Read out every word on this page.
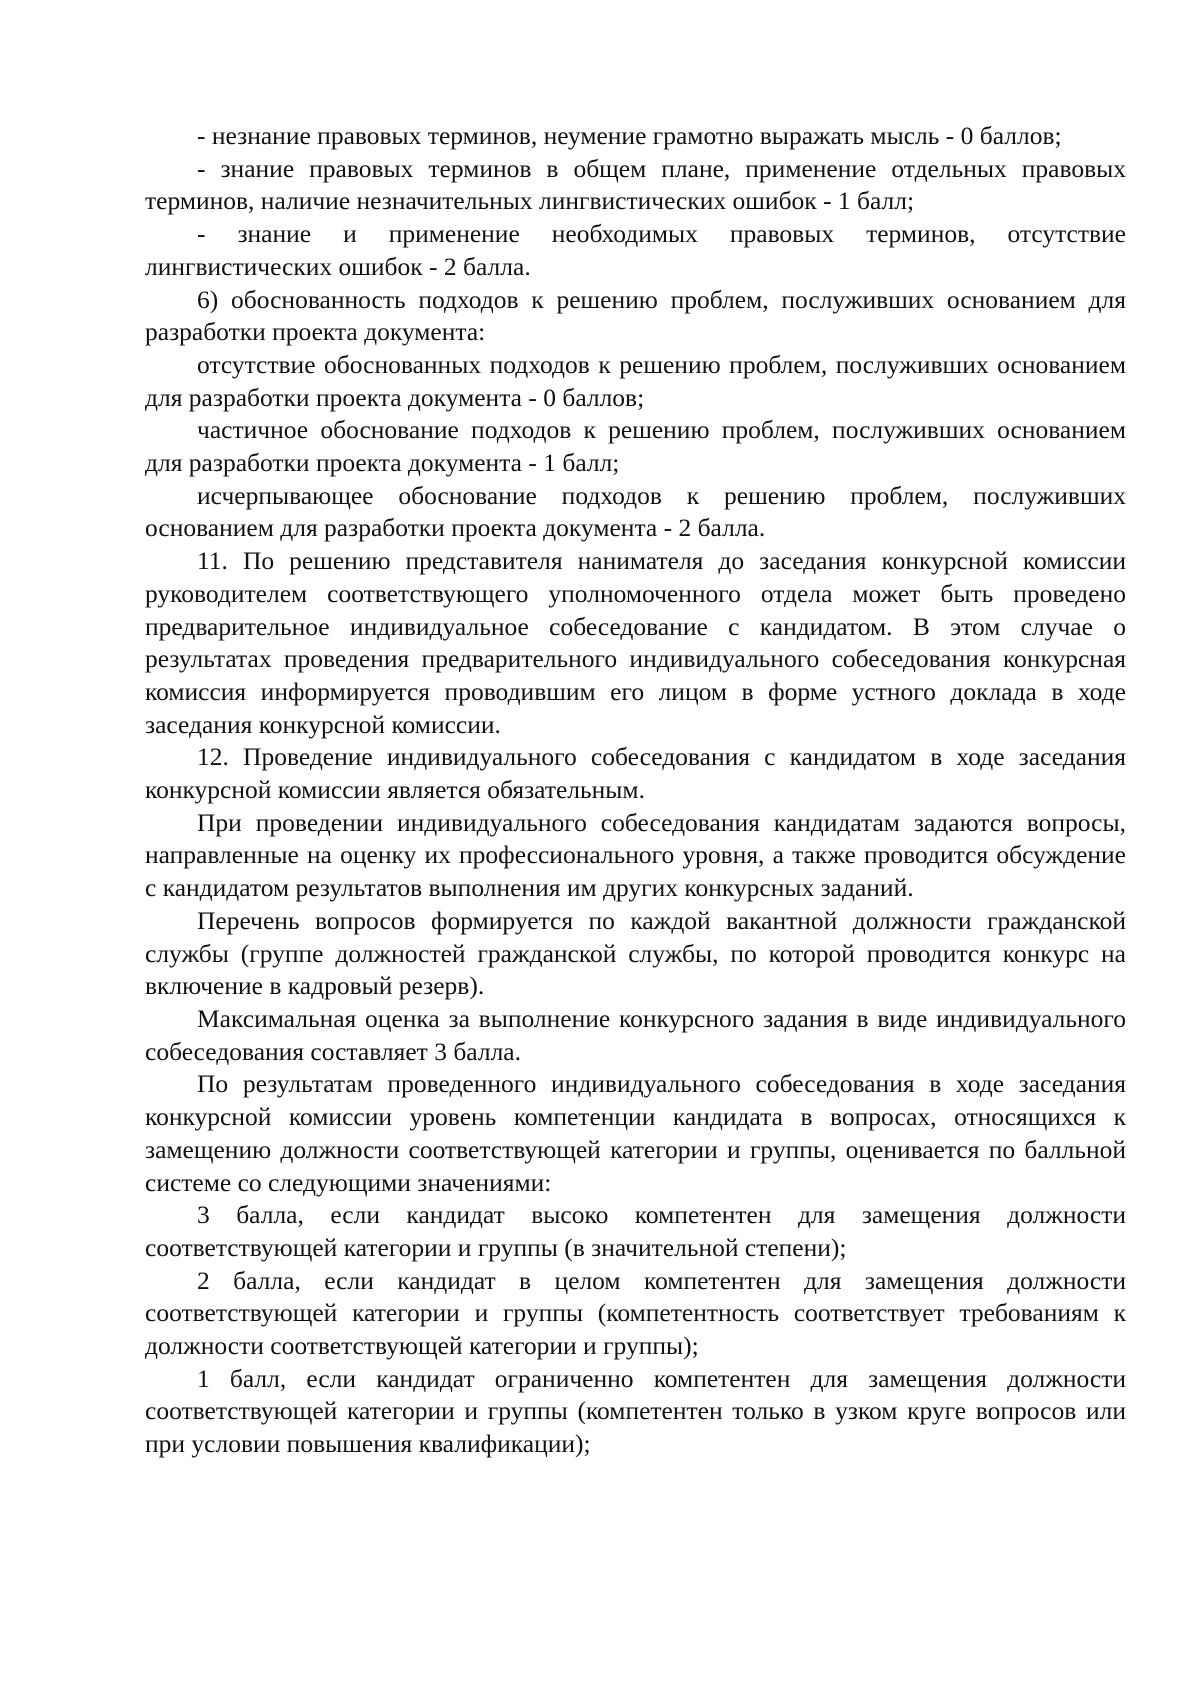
- незнание правовых терминов, неумение грамотно выражать мысль - 0 баллов;

- знание правовых терминов в общем плане, применение отдельных правовых терминов, наличие незначительных лингвистических ошибок - 1 балл;

- знание и применение необходимых правовых терминов, отсутствие лингвистических ошибок - 2 балла.

6) обоснованность подходов к решению проблем, послуживших основанием для разработки проекта документа:

отсутствие обоснованных подходов к решению проблем, послуживших основанием для разработки проекта документа - 0 баллов;

частичное обоснование подходов к решению проблем, послуживших основанием для разработки проекта документа - 1 балл;

исчерпывающее обоснование подходов к решению проблем, послуживших основанием для разработки проекта документа - 2 балла.

11. По решению представителя нанимателя до заседания конкурсной комиссии руководителем соответствующего уполномоченного отдела может быть проведено предварительное индивидуальное собеседование с кандидатом. В этом случае о результатах проведения предварительного индивидуального собеседования конкурсная комиссия информируется проводившим его лицом в форме устного доклада в ходе заседания конкурсной комиссии.

12. Проведение индивидуального собеседования с кандидатом в ходе заседания конкурсной комиссии является обязательным.

При проведении индивидуального собеседования кандидатам задаются вопросы, направленные на оценку их профессионального уровня, а также проводится обсуждение с кандидатом результатов выполнения им других конкурсных заданий.

Перечень вопросов формируется по каждой вакантной должности гражданской службы (группе должностей гражданской службы, по которой проводится конкурс на включение в кадровый резерв).

Максимальная оценка за выполнение конкурсного задания в виде индивидуального собеседования составляет 3 балла.

По результатам проведенного индивидуального собеседования в ходе заседания конкурсной комиссии уровень компетенции кандидата в вопросах, относящихся к замещению должности соответствующей категории и группы, оценивается по балльной системе со следующими значениями:

3 балла, если кандидат высоко компетентен для замещения должности соответствующей категории и группы (в значительной степени);

2 балла, если кандидат в целом компетентен для замещения должности соответствующей категории и группы (компетентность соответствует требованиям к должности соответствующей категории и группы);

1 балл, если кандидат ограниченно компетентен для замещения должности соответствующей категории и группы (компетентен только в узком круге вопросов или при условии повышения квалификации);
